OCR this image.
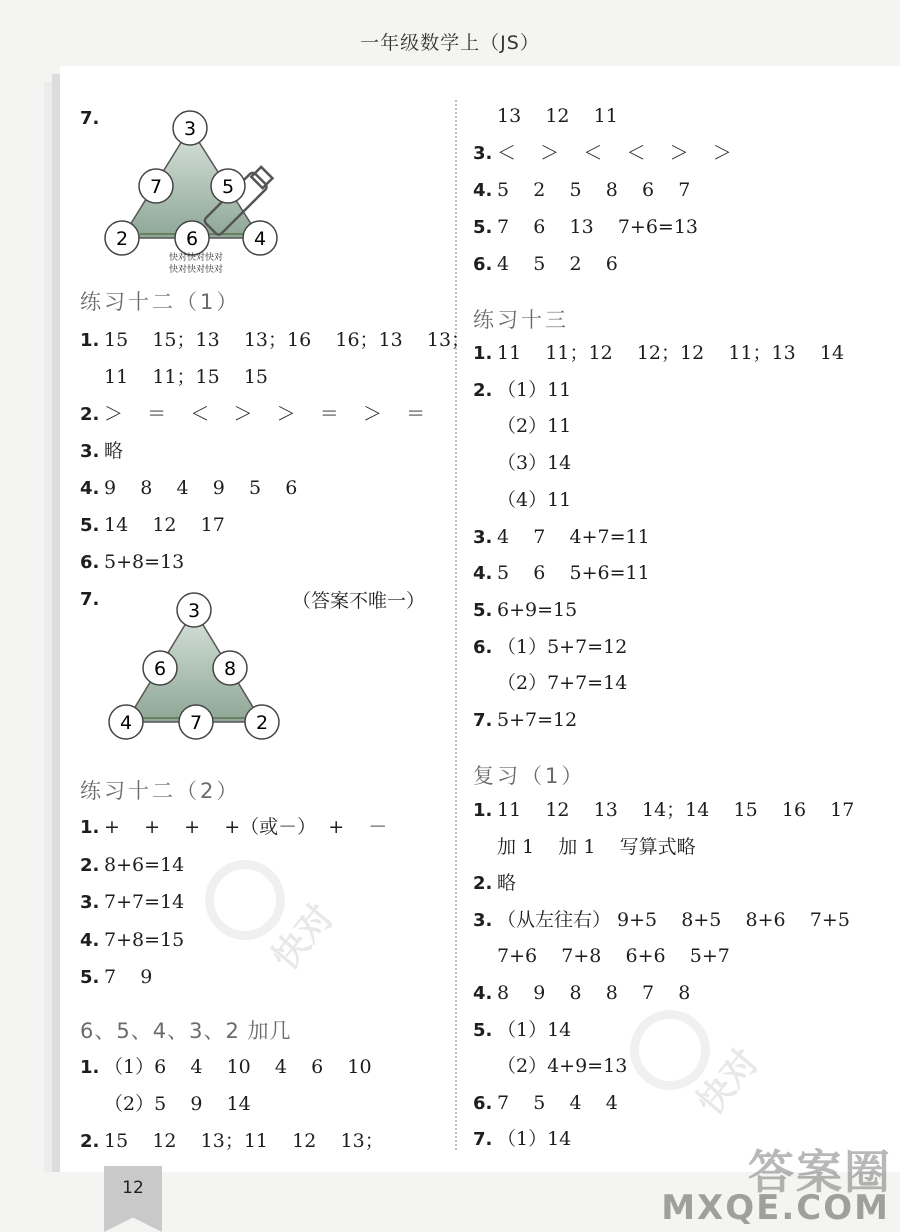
一年级数学上（JS）
快对
快对
7.	3
7	5
2	6	4
快对快对快对
快对快对快对
练习十二（1）
1. 15    15；13    13；16    16；13    13；
11    11；15    15
2. ＞    ＝    ＜    ＞    ＞    ＝    ＞    ＝
3. 略
4. 9    8    4    9    5    6
5. 14    12    17
6. 5+8=13
7.	（答案不唯一）
3
6	8
4	7	2
练习十二（2）
1. +    +    +    +（或－）  +    －
2. 8+6=14
3. 7+7=14
4. 7+8=15
5. 7    9
6、5、4、3、2 加几
1. （1）6    4    10    4    6    10
（2）5    9    14
2. 15    12    13；11    12    13；
13    12    11
3. ＜    ＞    ＜    ＜    ＞    ＞
4. 5    2    5    8    6    7
5. 7    6    13    7+6=13
6. 4    5    2    6
练习十三
1. 11    11；12    12；12    11；13    14
2. （1）11
（2）11
（3）14
（4）11
3. 4    7    4+7=11
4. 5    6    5+6=11
5. 6+9=15
6. （1）5+7=12
（2）7+7=14
7. 5+7=12
复习（1）
1. 11    12    13    14；14    15    16    17
加 1    加 1    写算式略
2. 略
3. （从左往右） 9+5    8+5    8+6    7+5
7+6    7+8    6+6    5+7
4. 8    9    8    8    7    8
5. （1）14
（2）4+9=13
6. 7    5    4    4
7. （1）14
12	答案圈
MXQE.COM
